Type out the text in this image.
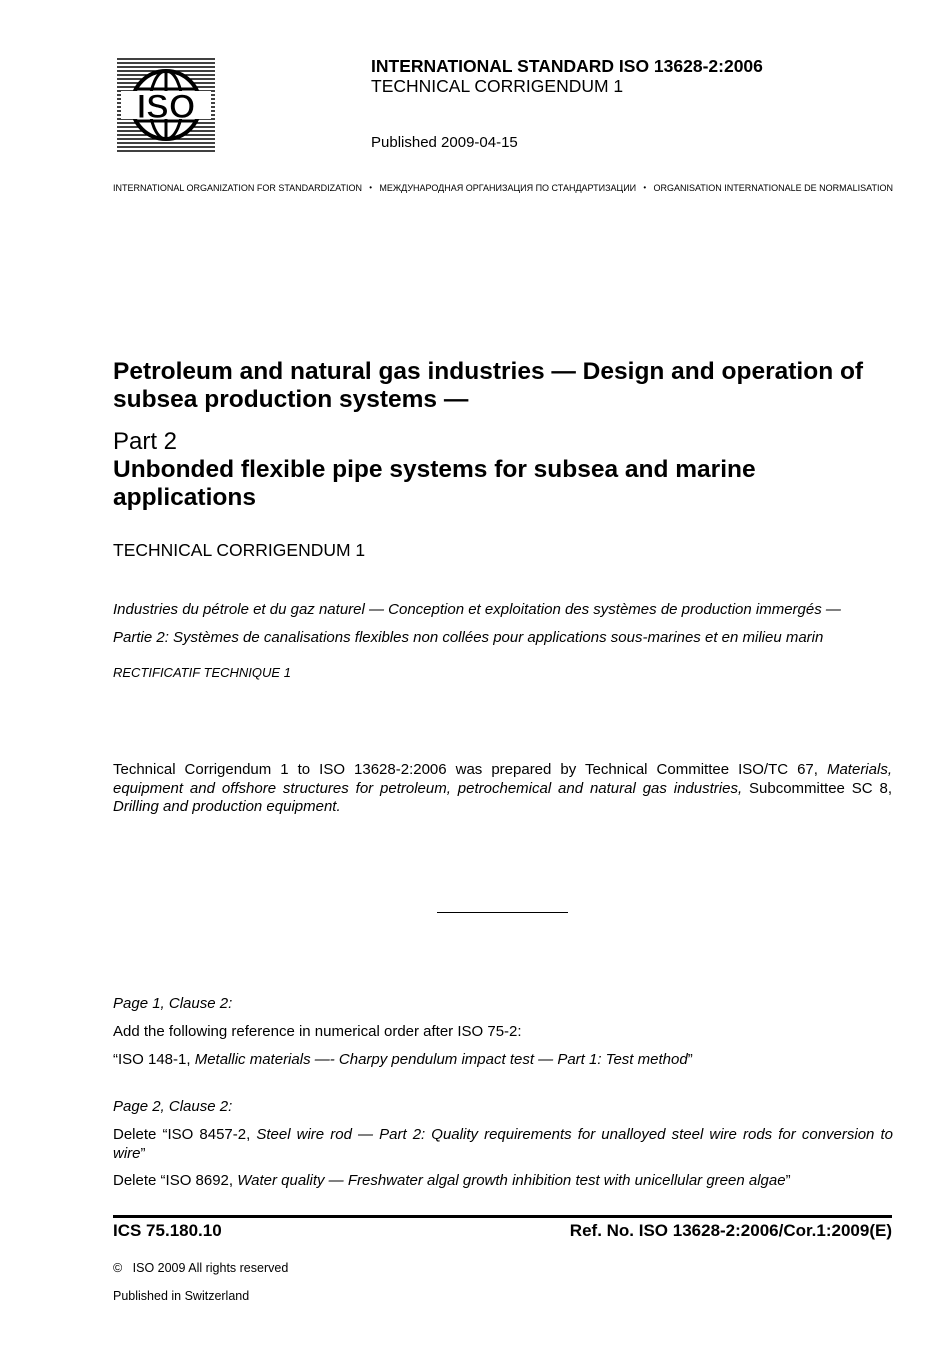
ISO
INTERNATIONAL STANDARD ISO 13628-2:2006
TECHNICAL CORRIGENDUM 1
Published 2009-04-15
INTERNATIONAL ORGANIZATION FOR STANDARDIZATION • МЕЖДУНАРОДНАЯ ОРГАНИЗАЦИЯ ПО СТАНДАРТИЗАЦИИ • ORGANISATION INTERNATIONALE DE NORMALISATION
Petroleum and natural gas industries — Design and operation of subsea production systems —
Part 2
Unbonded flexible pipe systems for subsea and marine applications
TECHNICAL CORRIGENDUM 1
Industries du pétrole et du gaz naturel — Conception et exploitation des systèmes de production immergés —
Partie 2: Systèmes de canalisations flexibles non collées pour applications sous-marines et en milieu marin
RECTIFICATIF TECHNIQUE 1
Technical Corrigendum 1 to ISO 13628-2:2006 was prepared by Technical Committee ISO/TC 67, Materials, equipment and offshore structures for petroleum, petrochemical and natural gas industries, Subcommittee SC 8, Drilling and production equipment.
Page 1, Clause 2:
Add the following reference in numerical order after ISO 75-2:
“ISO 148-1, Metallic materials —- Charpy pendulum impact test — Part 1: Test method”
Page 2, Clause 2:
Delete “ISO 8457-2, Steel wire rod — Part 2: Quality requirements for unalloyed steel wire rods for conversion to wire”
Delete “ISO 8692, Water quality — Freshwater algal growth inhibition test with unicellular green algae”
ICS 75.180.10	Ref. No. ISO 13628-2:2006/Cor.1:2009(E)
© ISO 2009 All rights reserved
Published in Switzerland
